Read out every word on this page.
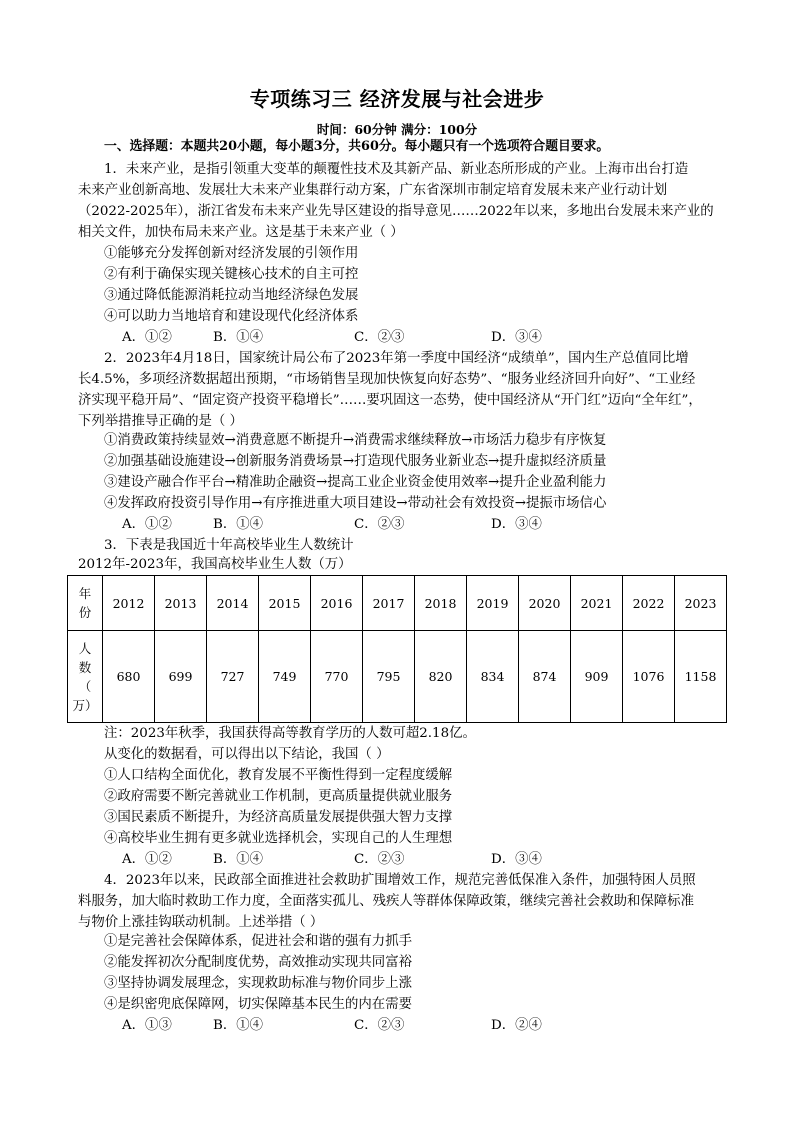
专项练习三 经济发展与社会进步
时间：60分钟 满分：100分
一、选择题：本题共20小题，每小题3分，共60分。每小题只有一个选项符合题目要求。
1．未来产业，是指引领重大变革的颠覆性技术及其新产品、新业态所形成的产业。上海市出台打造
未来产业创新高地、发展壮大未来产业集群行动方案，广东省深圳市制定培育发展未来产业行动计划
（2022-2025年），浙江省发布未来产业先导区建设的指导意见……2022年以来，多地出台发展未来产业的
相关文件，加快布局未来产业。这是基于未来产业（ ）
①能够充分发挥创新对经济发展的引领作用
②有利于确保实现关键核心技术的自主可控
③通过降低能源消耗拉动当地经济绿色发展
④可以助力当地培育和建设现代化经济体系
A．①②	B．①④	C．②③	D．③④
2．2023年4月18日，国家统计局公布了2023年第一季度中国经济“成绩单”，国内生产总值同比增
长4.5%，多项经济数据超出预期，“市场销售呈现加快恢复向好态势”、“服务业经济回升向好”、“工业经
济实现平稳开局”、“固定资产投资平稳增长”……要巩固这一态势，使中国经济从“开门红”迈向“全年红”，
下列举措推导正确的是（ ）
①消费政策持续显效→消费意愿不断提升→消费需求继续释放→市场活力稳步有序恢复
②加强基础设施建设→创新服务消费场景→打造现代服务业新业态→提升虚拟经济质量
③建设产融合作平台→精准助企融资→提高工业企业资金使用效率→提升企业盈利能力
④发挥政府投资引导作用→有序推进重大项目建设→带动社会有效投资→提振市场信心
A．①②	B．①④	C．②③	D．③④
3．下表是我国近十年高校毕业生人数统计
2012年-2023年，我国高校毕业生人数（万）
年
份	2012	2013	2014	2015	2016	2017	2018	2019	2020	2021	2022	2023

人
数
（
万）	680	699	727	749	770	795	820	834	874	909	1076	1158
注：2023年秋季，我国获得高等教育学历的人数可超2.18亿。
从变化的数据看，可以得出以下结论，我国（ ）
①人口结构全面优化，教育发展不平衡性得到一定程度缓解
②政府需要不断完善就业工作机制，更高质量提供就业服务
③国民素质不断提升，为经济高质量发展提供强大智力支撑
④高校毕业生拥有更多就业选择机会，实现自己的人生理想
A．①②	B．①④	C．②③	D．③④
4．2023年以来，民政部全面推进社会救助扩围增效工作，规范完善低保准入条件，加强特困人员照
料服务，加大临时救助工作力度，全面落实孤儿、残疾人等群体保障政策，继续完善社会救助和保障标准
与物价上涨挂钩联动机制。上述举措（ ）
①是完善社会保障体系，促进社会和谐的强有力抓手
②能发挥初次分配制度优势，高效推动实现共同富裕
③坚持协调发展理念，实现救助标准与物价同步上涨
④是织密兜底保障网，切实保障基本民生的内在需要
A．①③	B．①④	C．②③	D．②④
